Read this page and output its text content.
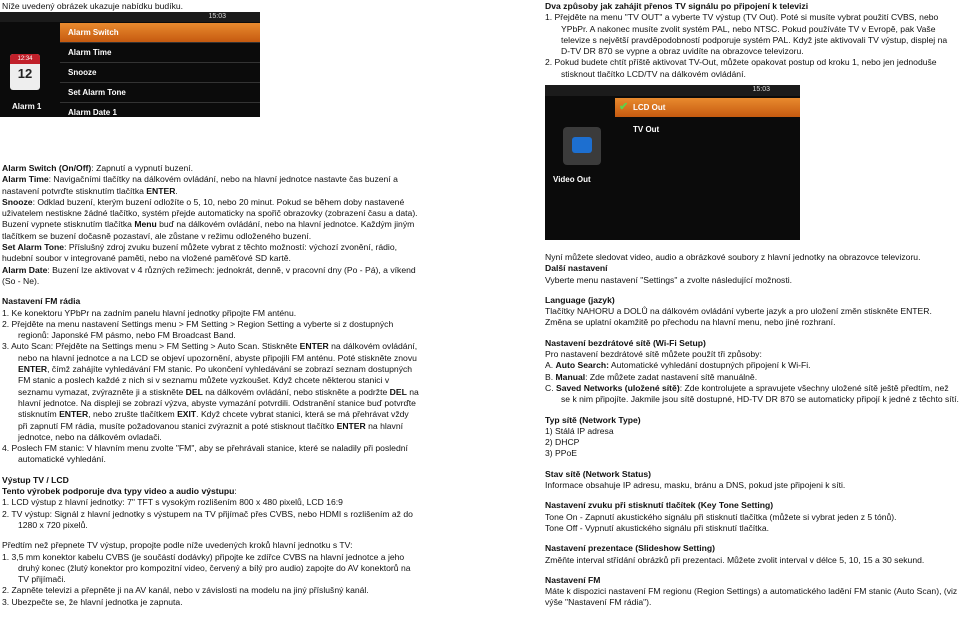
Níže uvedený obrázek ukazuje nabídku budíku.
15:03
12:34
12
Alarm 1
Alarm Switch
Alarm Time
Snooze
Set Alarm Tone
Alarm Date 1
15:03
✔ LCD Out
TV Out
Video Out

Alarm Switch (On/Off): Zapnutí a vypnutí buzení.

Alarm Time: Navigačními tlačítky na dálkovém ovládání, nebo na hlavní jednotce nastavte čas buzení a nastavení potvrďte stisknutím tlačítka ENTER.

Snooze: Odklad buzení, kterým buzení odložíte o 5, 10, nebo 20 minut. Pokud se během doby nastavené uživatelem nestiskne žádné tlačítko, systém přejde automaticky na spořič obrazovky (zobrazení času a data). Buzení vypnete stisknutím tlačítka Menu buď na dálkovém ovládání, nebo na hlavní jednotce. Každým jiným tlačítkem se buzení dočasně pozastaví, ale zůstane v režimu odloženého buzení.

Set Alarm Tone: Příslušný zdroj zvuku buzení můžete vybrat z těchto možností: výchozí zvonění, rádio, hudební soubor v integrované paměti, nebo na vložené paměťové SD kartě.

Alarm Date: Buzení lze aktivovat v 4 různých režimech: jednokrát, denně, v pracovní dny (Po - Pá), a víkend (So - Ne).

Nastavení FM rádia

1. Ke konektoru YPbPr na zadním panelu hlavní jednotky připojte FM anténu.

2. Přejděte na menu nastavení Settings menu > FM Setting > Region Setting a vyberte si z dostupných regionů: Japonské FM pásmo, nebo FM Broadcast Band.

3. Auto Scan: Přejděte na Settings menu > FM Setting > Auto Scan. Stiskněte ENTER na dálkovém ovládání, nebo na hlavní jednotce a na LCD se objeví upozornění, abyste připojili FM anténu. Poté stiskněte znovu ENTER, čímž zahájíte vyhledávání FM stanic. Po ukončení vyhledávání se zobrazí seznam dostupných FM stanic a poslech každé z nich si v seznamu můžete vyzkoušet. Když chcete některou stanici v seznamu vymazat, zvýrazněte ji a stiskněte DEL na dálkovém ovládání, nebo stiskněte a podržte DEL na hlavní jednotce. Na displeji se zobrazí výzva, abyste vymazání potvrdili. Odstranění stanice buď potvrďte stisknutím ENTER, nebo zrušte tlačítkem EXIT. Když chcete vybrat stanici, která se má přehrávat vždy při zapnutí FM rádia, musíte požadovanou stanici zvýraznit a poté stisknout tlačítko ENTER na hlavní jednotce, nebo na dálkovém ovladači.

4. Poslech FM stanic: V hlavním menu zvolte "FM", aby se přehrávali stanice, které se naladily při poslední automatické vyhledání.

Výstup TV / LCD

Tento výrobek podporuje dva typy video a audio výstupu:

1. LCD výstup z hlavní jednotky: 7" TFT s vysokým rozlišením 800 x 480 pixelů, LCD 16:9

2. TV výstup: Signál z hlavní jednotky s výstupem na TV přijímač přes CVBS, nebo HDMI s rozlišením až do 1280 x 720 pixelů.

Předtím než přepnete TV výstup, propojte podle níže uvedených kroků hlavní jednotku s TV:

1. 3,5 mm konektor kabelu CVBS (je součástí dodávky) připojte ke zdířce CVBS na hlavní jednotce a jeho druhý konec (žlutý konektor pro kompozitní video, červený a bílý pro audio) zapojte do AV konektorů na TV přijímači.

2. Zapněte televizi a přepněte ji na AV kanál, nebo v závislosti na modelu na jiný příslušný kanál.

3. Ubezpečte se, že hlavní jednotka je zapnuta.

Dva způsoby jak zahájit přenos TV signálu po připojení k televizi

1. Přejděte na menu "TV OUT" a vyberte TV výstup (TV Out). Poté si musíte vybrat použití CVBS, nebo YPbPr. A nakonec musíte zvolit systém PAL, nebo NTSC. Pokud používáte TV v Evropě, pak Vaše televize s největší pravděpodobností podporuje systém PAL. Když jste aktivovali TV výstup, displej na D-TV DR 870 se vypne a obraz uvidíte na obrazovce televizoru.

2. Pokud budete chtít příště aktivovat TV-Out, můžete opakovat postup od kroku 1, nebo jen jednoduše stisknout tlačítko LCD/TV na dálkovém ovládání.

Nyní můžete sledovat video, audio a obrázkové soubory z hlavní jednotky na obrazovce televizoru.

Další nastavení

Vyberte menu nastavení "Settings" a zvolte následující možnosti.

Language (jazyk)

Tlačítky NAHORU a DOLŮ na dálkovém ovládání vyberte jazyk a pro uložení změn stiskněte ENTER. Změna se uplatní okamžitě po přechodu na hlavní menu, nebo jiné rozhraní.

Nastavení bezdrátové sítě (Wi-Fi Setup)

Pro nastavení bezdrátové sítě můžete použít tři způsoby:

A. Auto Search: Automatické vyhledání dostupných připojení k Wi-Fi.

B. Manual: Zde můžete zadat nastavení sítě manuálně.

C. Saved Networks (uložené sítě): Zde kontrolujete a spravujete všechny uložené sítě ještě předtím, než se k nim připojíte. Jakmile jsou sítě dostupné, HD-TV DR 870 se automaticky připojí k jedné z těchto sítí.

Typ sítě (Network Type)

1) Stálá IP adresa

2) DHCP

3) PPoE

Stav sítě (Network Status)

Informace obsahuje IP adresu, masku, bránu a DNS, pokud jste připojeni k síti.

Nastavení zvuku při stisknutí tlačítek (Key Tone Setting)

Tone On - Zapnutí akustického signálu při stisknutí tlačítka (můžete si vybrat jeden z 5 tónů).

Tone Off - Vypnutí akustického signálu při stisknutí tlačítka.

Nastavení prezentace (Slideshow Setting)

Změňte interval střídání obrázků při prezentaci. Můžete zvolit interval v délce 5, 10, 15 a 30 sekund.

Nastavení FM

Máte k dispozici nastavení FM regionu (Region Settings) a automatického ladění FM stanic (Auto Scan), (viz výše "Nastavení FM rádia").
